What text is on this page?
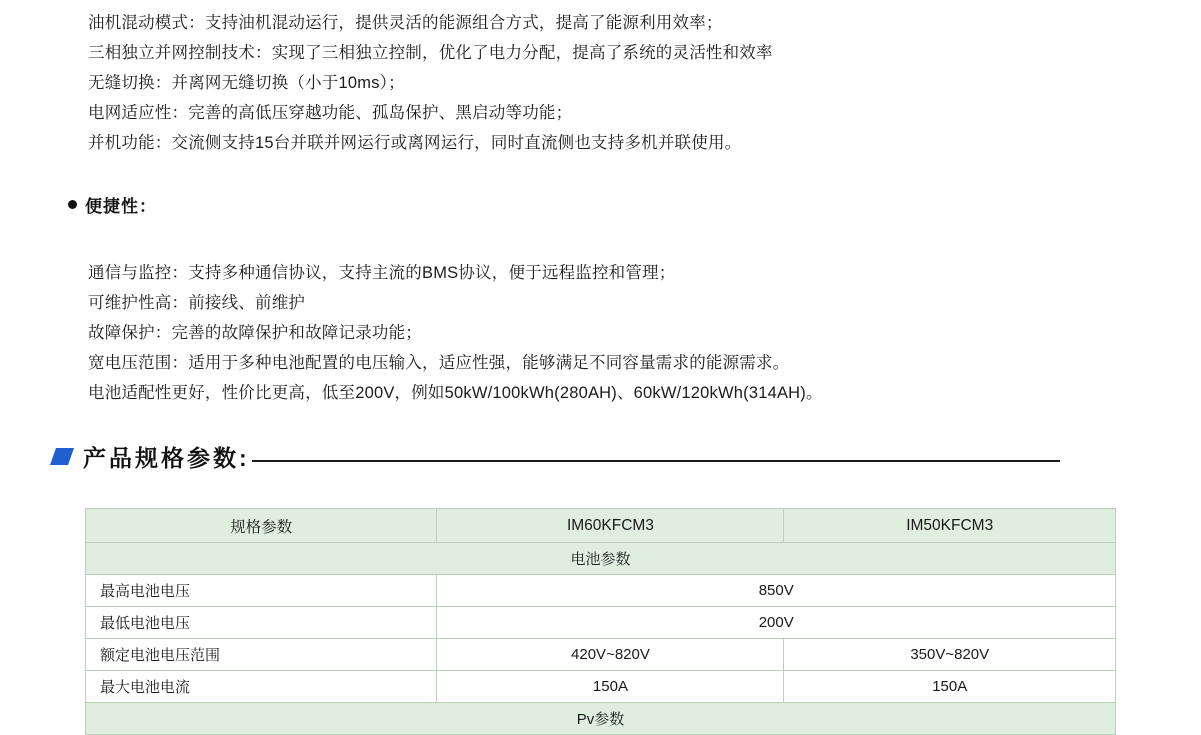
油机混动模式：支持油机混动运行，提供灵活的能源组合方式，提高了能源利用效率；
三相独立并网控制技术：实现了三相独立控制，优化了电力分配，提高了系统的灵活性和效率
无缝切换：并离网无缝切换（小于10ms）；
电网适应性：完善的高低压穿越功能、孤岛保护、黑启动等功能；
并机功能：交流侧支持15台并联并网运行或离网运行，同时直流侧也支持多机并联使用。
便捷性：
通信与监控：支持多种通信协议，支持主流的BMS协议，便于远程监控和管理；
可维护性高：前接线、前维护
故障保护：完善的故障保护和故障记录功能；
宽电压范围：适用于多种电池配置的电压输入，适应性强，能够满足不同容量需求的能源需求。
电池适配性更好，性价比更高，低至200V，例如50kW/100kWh(280AH)、60kW/120kWh(314AH)。
产品规格参数:
规格参数	IM60KFCM3	IM50KFCM3
电池参数		
最高电池电压	850V	
最低电池电压	200V	
额定电池电压范围	420V~820V	350V~820V
最大电池电流	150A	150A
Pv参数		
